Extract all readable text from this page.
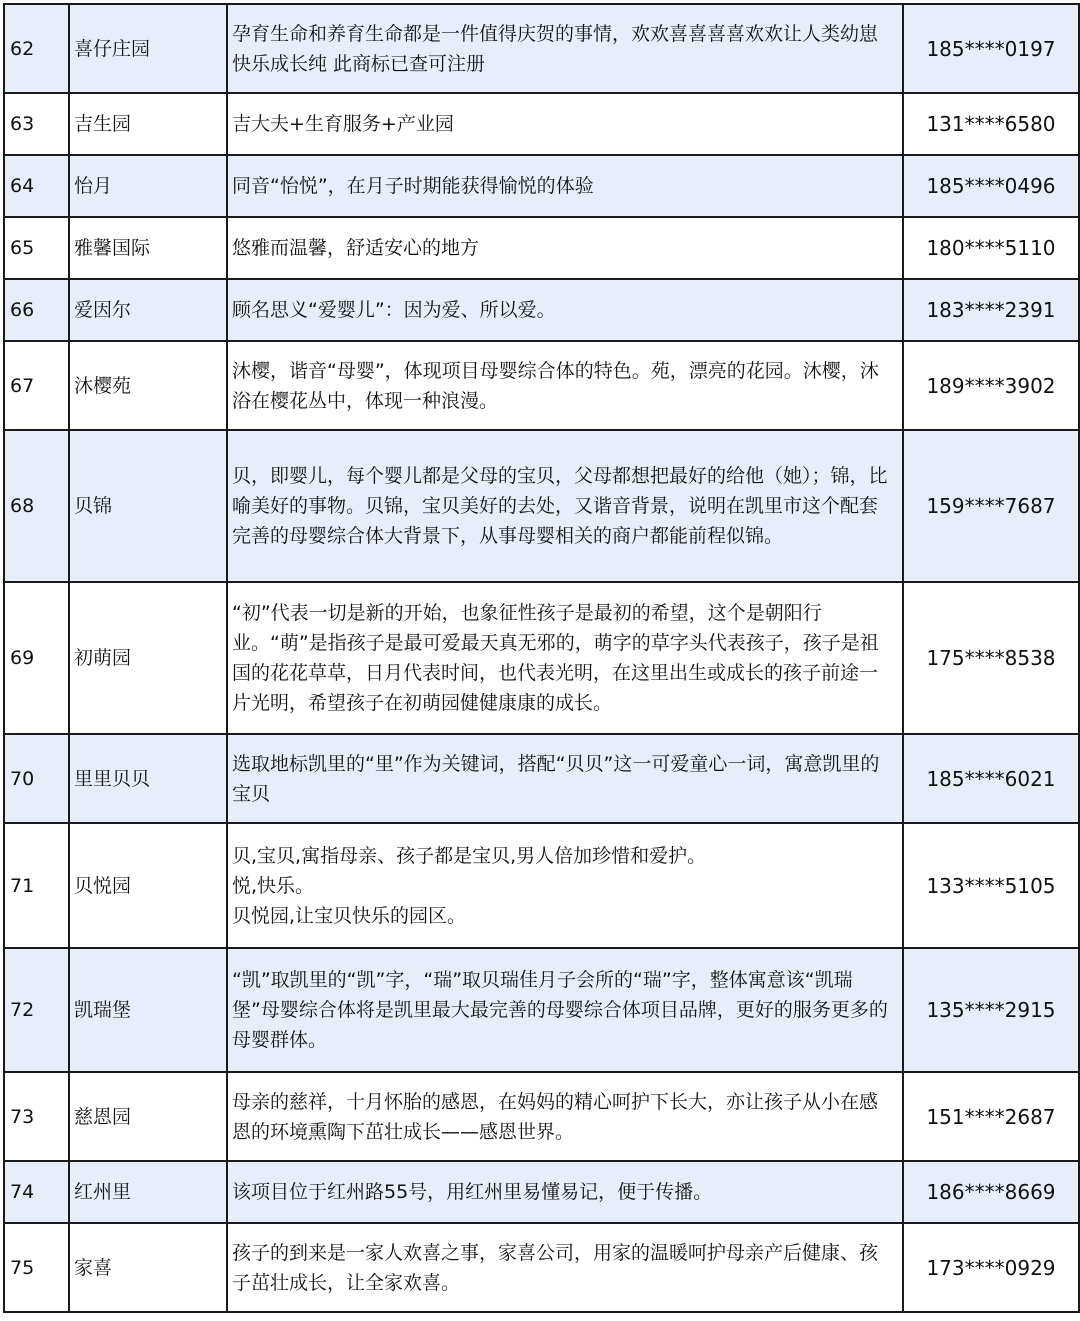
62	喜仔庄园	孕育生命和养育生命都是一件值得庆贺的事情，欢欢喜喜喜喜欢欢让人类幼崽快乐成长纯 此商标已查可注册	185****0197
63	吉生园	吉大夫+生育服务+产业园	131****6580
64	怡月	同音“怡悦”，在月子时期能获得愉悦的体验	185****0496
65	雅馨国际	悠雅而温馨，舒适安心的地方	180****5110
66	爱因尔	顾名思义“爱婴儿”：因为爱、所以爱。	183****2391
67	沐樱苑	沐樱，谐音“母婴”，体现项目母婴综合体的特色。苑，漂亮的花园。沐樱，沐浴在樱花丛中，体现一种浪漫。	189****3902
68	贝锦	贝，即婴儿，每个婴儿都是父母的宝贝，父母都想把最好的给他（她）；锦，比喻美好的事物。贝锦，宝贝美好的去处，又谐音背景，说明在凯里市这个配套完善的母婴综合体大背景下，从事母婴相关的商户都能前程似锦。	159****7687
69	初萌园	“初”代表一切是新的开始，也象征性孩子是最初的希望，这个是朝阳行业。“萌”是指孩子是最可爱最天真无邪的，萌字的草字头代表孩子，孩子是祖国的花花草草，日月代表时间，也代表光明，在这里出生或成长的孩子前途一片光明，希望孩子在初萌园健健康康的成长。	175****8538
70	里里贝贝	选取地标凯里的“里”作为关键词，搭配“贝贝”这一可爱童心一词，寓意凯里的宝贝	185****6021
71	贝悦园	贝,宝贝,寓指母亲、孩子都是宝贝,男人倍加珍惜和爱护。
悦,快乐。
贝悦园,让宝贝快乐的园区。	133****5105
72	凯瑞堡	“凯”取凯里的“凯”字，“瑞”取贝瑞佳月子会所的“瑞”字，整体寓意该“凯瑞堡”母婴综合体将是凯里最大最完善的母婴综合体项目品牌，更好的服务更多的母婴群体。	135****2915
73	慈恩园	母亲的慈祥，十月怀胎的感恩，在妈妈的精心呵护下长大，亦让孩子从小在感恩的环境熏陶下茁壮成长——感恩世界。	151****2687
74	红州里	该项目位于红州路55号，用红州里易懂易记，便于传播。	186****8669
75	家喜	孩子的到来是一家人欢喜之事，家喜公司，用家的温暖呵护母亲产后健康、孩子茁壮成长，让全家欢喜。	173****0929
